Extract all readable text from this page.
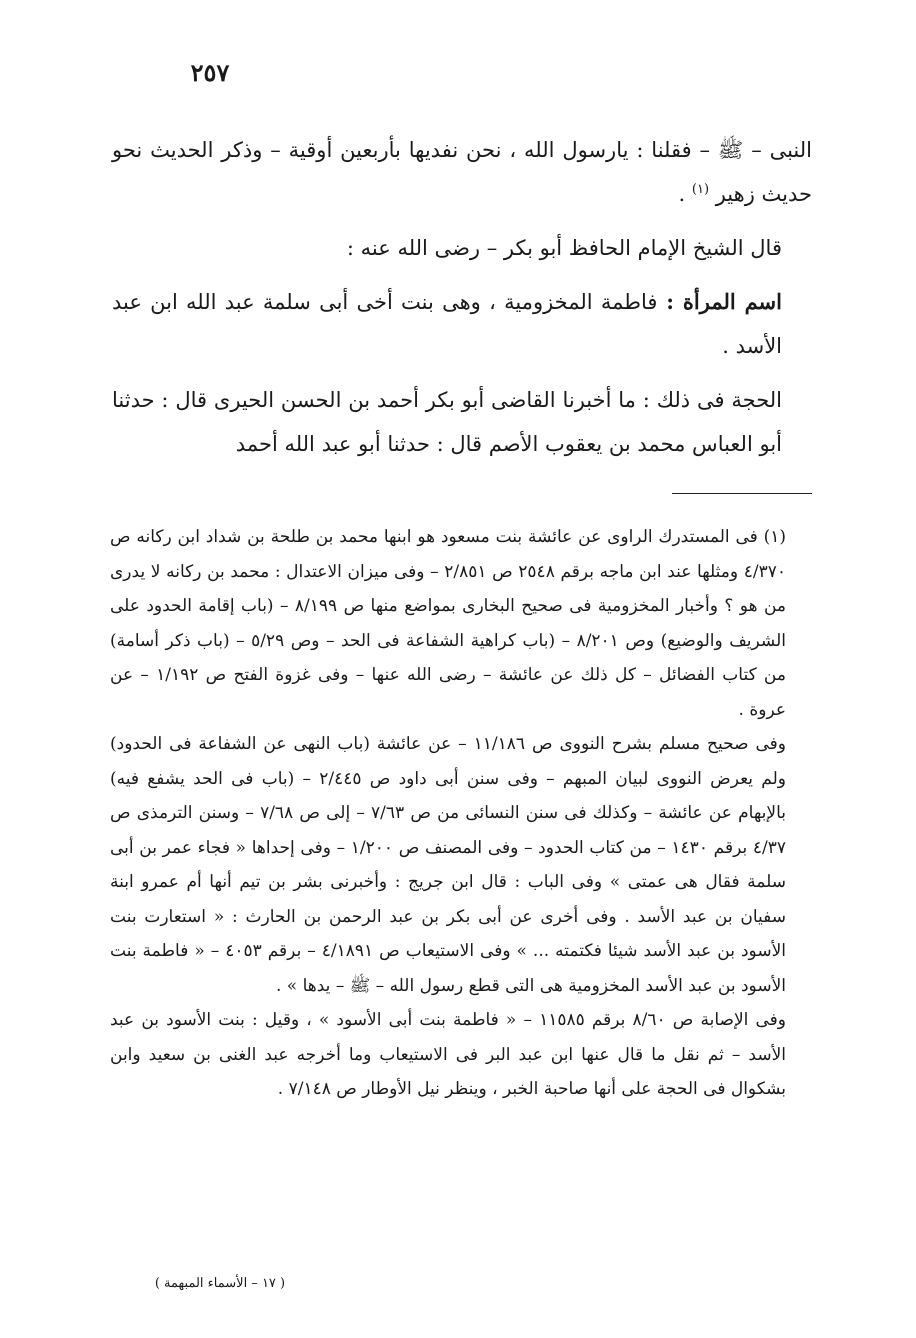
٢٥٧

النبى – ﷺ – فقلنا : يارسول الله ، نحن نفديها بأربعين أوقية – وذكر الحديث نحو حديث زهير $^{(١)}$ .

قال الشيخ الإمام الحافظ أبو بكر – رضى الله عنه :

اسم المرأة : فاطمة المخزومية ، وهى بنت أخى أبى سلمة عبد الله ابن عبد الأسد .

الحجة فى ذلك : ما أخبرنا القاضى أبو بكر أحمد بن الحسن الحيرى قال : حدثنا أبو العباس محمد بن يعقوب الأصم قال : حدثنا أبو عبد الله أحمد

(١) فى المستدرك الراوى عن عائشة بنت مسعود هو ابنها محمد بن طلحة بن شداد ابن ركانه ص ٤/٣٧٠ ومثلها عند ابن ماجه برقم ٢٥٤٨ ص ٢/٨٥١ – وفى ميزان الاعتدال : محمد بن ركانه لا يدرى من هو ؟ وأخبار المخزومية فى صحيح البخارى بمواضع منها ص ٨/١٩٩ – (باب إقامة الحدود على الشريف والوضيع) وص ٨/٢٠١ – (باب كراهية الشفاعة فى الحد – وص ٥/٢٩ – (باب ذكر أسامة) من كتاب الفضائل – كل ذلك عن عائشة – رضى الله عنها – وفى غزوة الفتح ص ١/١٩٢ – عن عروة .

وفى صحيح مسلم بشرح النووى ص ١١/١٨٦ – عن عائشة (باب النهى عن الشفاعة فى الحدود) ولم يعرض النووى لبيان المبهم – وفى سنن أبى داود ص ٢/٤٤٥ – (باب فى الحد يشفع فيه) بالإبهام عن عائشة – وكذلك فى سنن النسائى من ص ٧/٦٣ – إلى ص ٧/٦٨ – وسنن الترمذى ص ٤/٣٧ برقم ١٤٣٠ – من كتاب الحدود – وفى المصنف ص ١/٢٠٠ – وفى إحداها « فجاء عمر بن أبى سلمة فقال هى عمتى » وفى الباب : قال ابن جريج : وأخبرنى بشر بن تيم أنها أم عمرو ابنة سفيان بن عبد الأسد . وفى أخرى عن أبى بكر بن عبد الرحمن بن الحارث : « استعارت بنت الأسود بن عبد الأسد شيئا فكتمته ... » وفى الاستيعاب ص ٤/١٨٩١ – برقم ٤٠٥٣ – « فاطمة بنت الأسود بن عبد الأسد المخزومية هى التى قطع رسول الله – ﷺ – يدها » .

وفى الإصابة ص ٨/٦٠ برقم ١١٥٨٥ – « فاطمة بنت أبى الأسود » ، وقيل : بنت الأسود بن عبد الأسد – ثم نقل ما قال عنها ابن عبد البر فى الاستيعاب وما أخرجه عبد الغنى بن سعيد وابن بشكوال فى الحجة على أنها صاحبة الخبر ، وينظر نيل الأوطار ص ٧/١٤٨ .

( ١٧ – الأسماء المبهمة )
